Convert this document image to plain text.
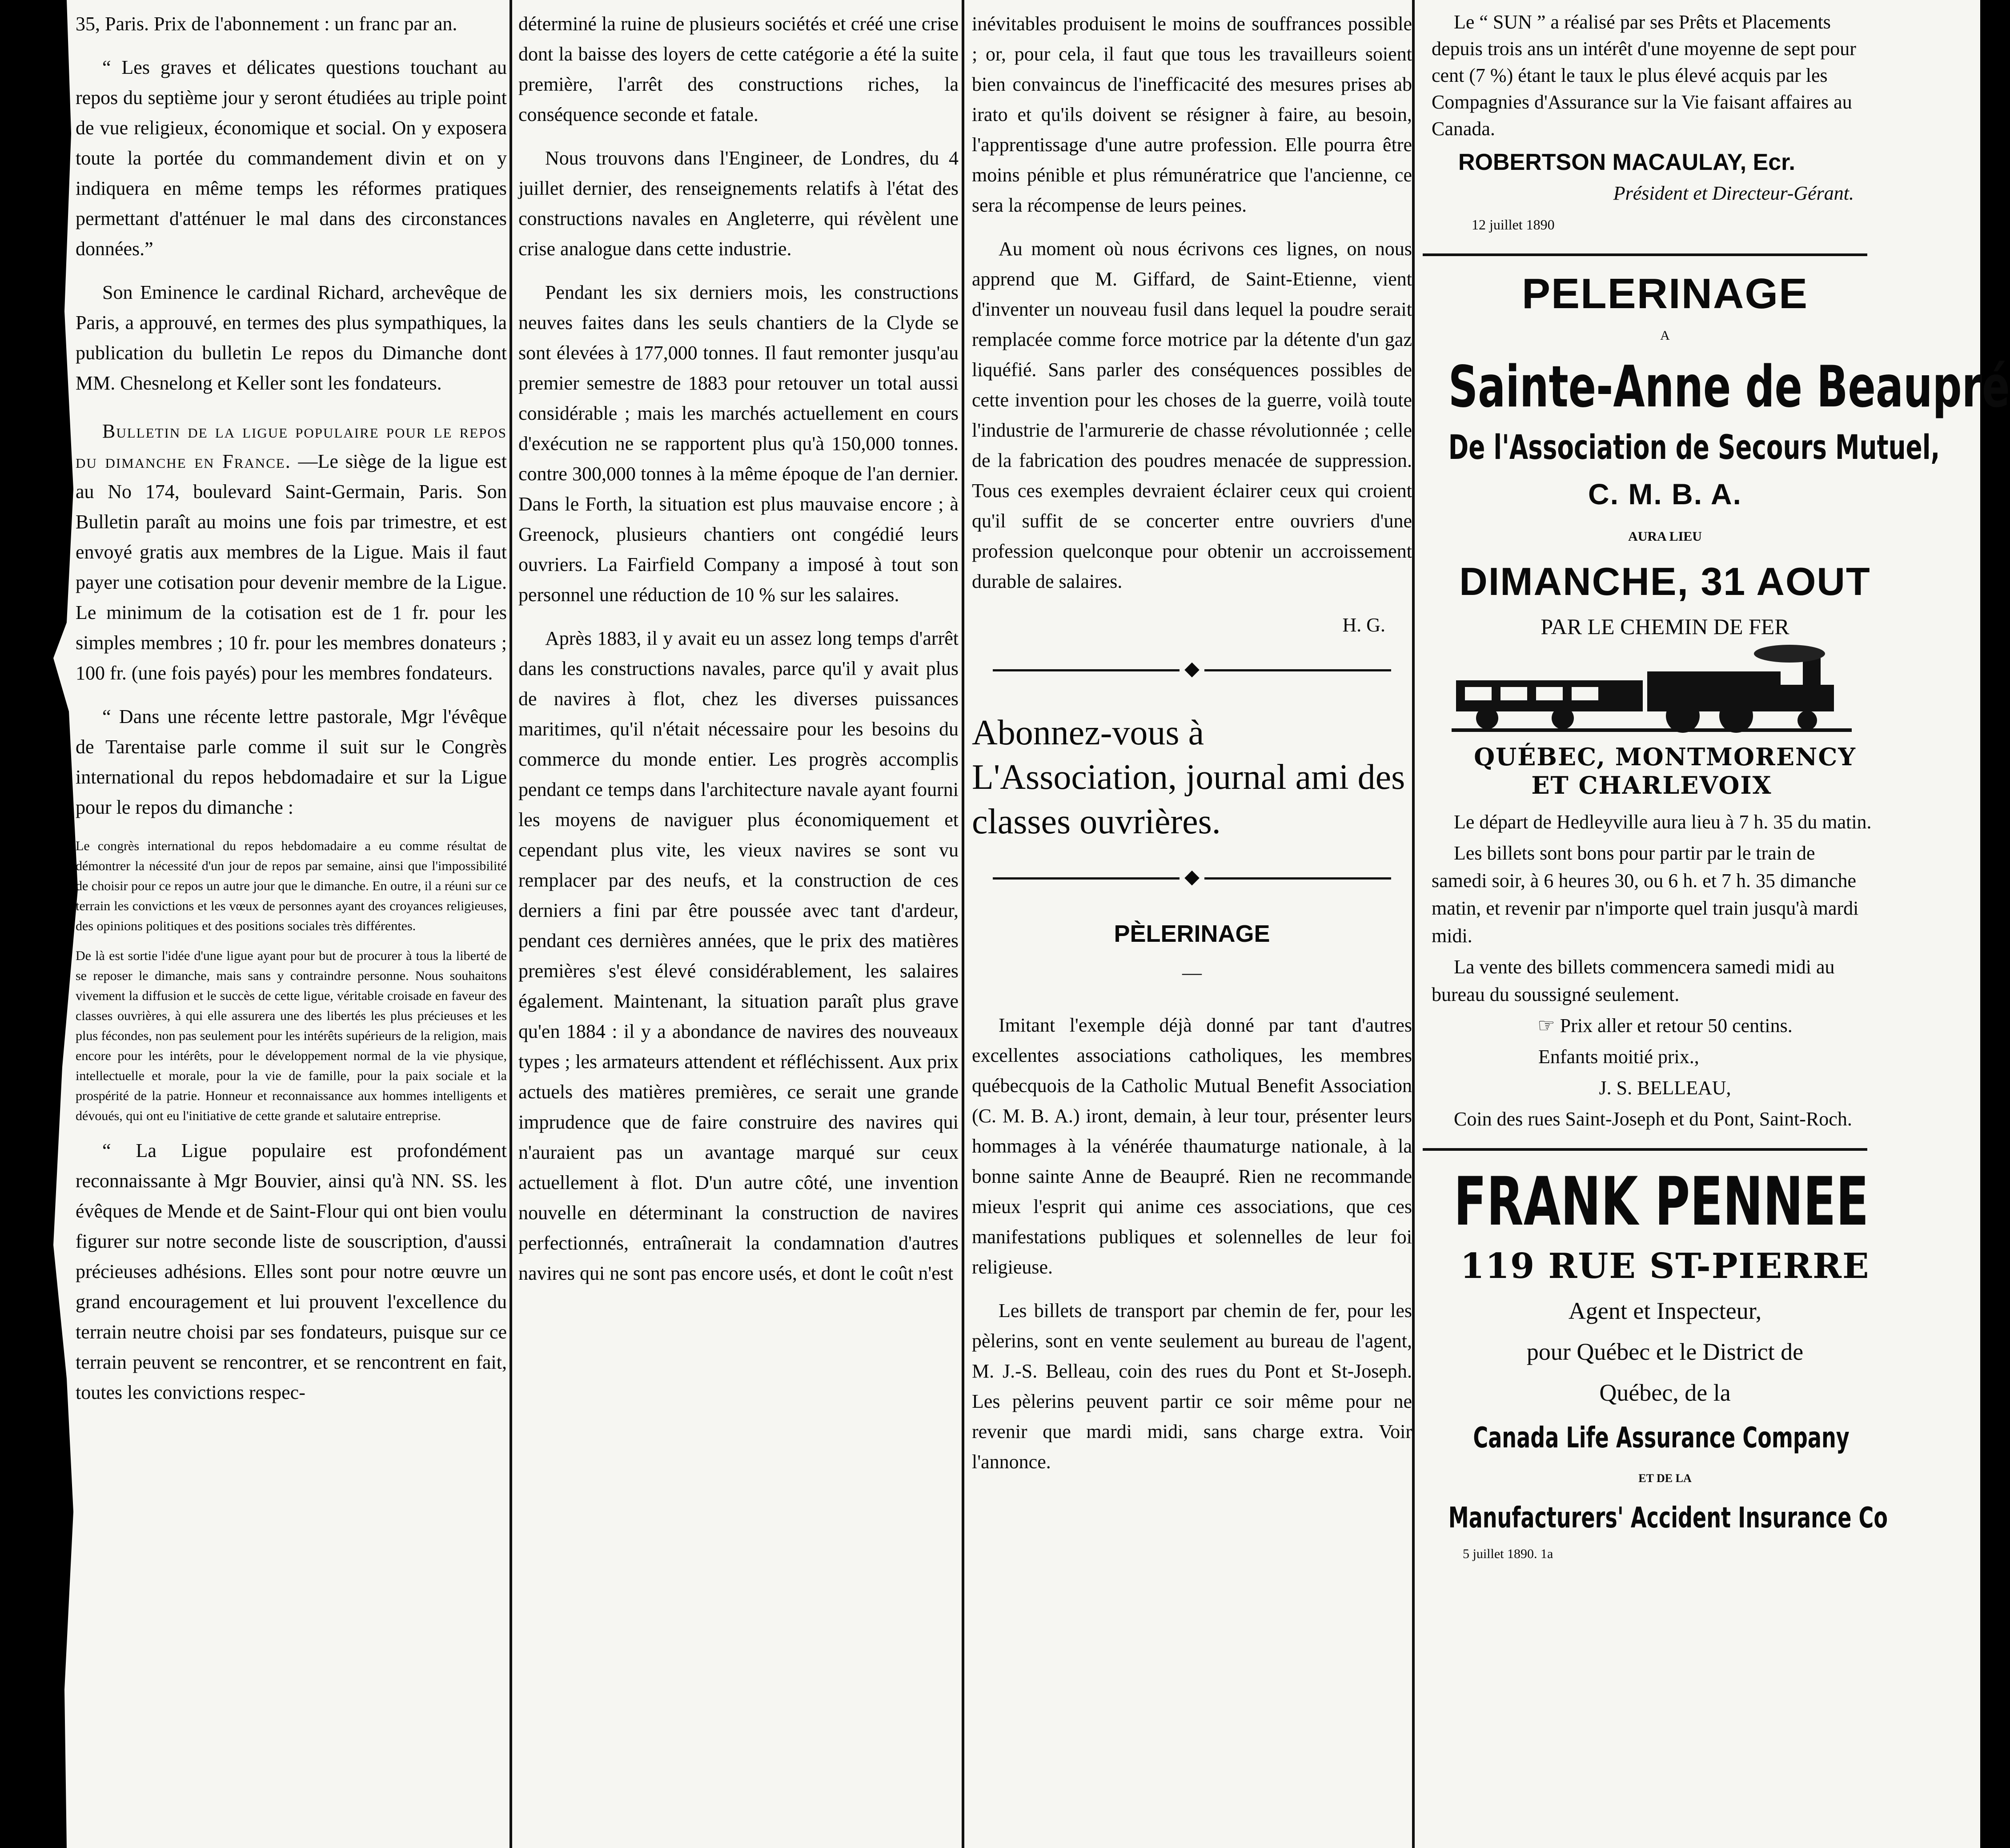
35, Paris. Prix de l'abonnement : un franc par an.

“ Les graves et délicates questions touchant au repos du septième jour y seront étudiées au triple point de vue religieux, économique et social. On y exposera toute la portée du commandement divin et on y indiquera en même temps les réformes pratiques permettant d'atténuer le mal dans des circonstances données.”

Son Eminence le cardinal Richard, archevêque de Paris, a approuvé, en termes des plus sympathiques, la publication du bulletin Le repos du Dimanche dont MM. Chesnelong et Keller sont les fondateurs.

Bulletin de la ligue populaire pour le repos du dimanche en France. —Le siège de la ligue est au No 174, boulevard Saint-Germain, Paris. Son Bulletin paraît au moins une fois par trimestre, et est envoyé gratis aux membres de la Ligue. Mais il faut payer une cotisation pour devenir membre de la Ligue. Le minimum de la cotisation est de 1 fr. pour les simples membres ; 10 fr. pour les membres donateurs ; 100 fr. (une fois payés) pour les membres fondateurs.

“ Dans une récente lettre pastorale, Mgr l'évêque de Tarentaise parle comme il suit sur le Congrès international du repos hebdomadaire et sur la Ligue pour le repos du dimanche :

Le congrès international du repos hebdomadaire a eu comme résultat de démontrer la nécessité d'un jour de repos par semaine, ainsi que l'impossibilité de choisir pour ce repos un autre jour que le dimanche. En outre, il a réuni sur ce terrain les convictions et les vœux de personnes ayant des croyances religieuses, des opinions politiques et des positions sociales très différentes.

De là est sortie l'idée d'une ligue ayant pour but de procurer à tous la liberté de se reposer le dimanche, mais sans y contraindre personne. Nous souhaitons vivement la diffusion et le succès de cette ligue, véritable croisade en faveur des classes ouvrières, à qui elle assurera une des libertés les plus précieuses et les plus fécondes, non pas seulement pour les intérêts supérieurs de la religion, mais encore pour les intérêts, pour le développement normal de la vie physique, intellectuelle et morale, pour la vie de famille, pour la paix sociale et la prospérité de la patrie. Honneur et reconnaissance aux hommes intelligents et dévoués, qui ont eu l'initiative de cette grande et salutaire entreprise.

“ La Ligue populaire est profondément reconnaissante à Mgr Bouvier, ainsi qu'à NN. SS. les évêques de Mende et de Saint-Flour qui ont bien voulu figurer sur notre seconde liste de souscription, d'aussi précieuses adhésions. Elles sont pour notre œuvre un grand encouragement et lui prouvent l'excellence du terrain neutre choisi par ses fondateurs, puisque sur ce terrain peuvent se rencontrer, et se rencontrent en fait, toutes les convictions respec-

déterminé la ruine de plusieurs sociétés et créé une crise dont la baisse des loyers de cette catégorie a été la suite première, l'arrêt des constructions riches, la conséquence seconde et fatale.

Nous trouvons dans l'Engineer, de Londres, du 4 juillet dernier, des renseignements relatifs à l'état des constructions navales en Angleterre, qui révèlent une crise analogue dans cette industrie.

Pendant les six derniers mois, les constructions neuves faites dans les seuls chantiers de la Clyde se sont élevées à 177,000 tonnes. Il faut remonter jusqu'au premier semestre de 1883 pour retouver un total aussi considérable ; mais les marchés actuellement en cours d'exécution ne se rapportent plus qu'à 150,000 tonnes. contre 300,000 tonnes à la même époque de l'an dernier. Dans le Forth, la situation est plus mauvaise encore ; à Greenock, plusieurs chantiers ont congédié leurs ouvriers. La Fairfield Company a imposé à tout son personnel une réduction de 10 % sur les salaires.

Après 1883, il y avait eu un assez long temps d'arrêt dans les constructions navales, parce qu'il y avait plus de navires à flot, chez les diverses puissances maritimes, qu'il n'était nécessaire pour les besoins du commerce du monde entier. Les progrès accomplis pendant ce temps dans l'architecture navale ayant fourni les moyens de naviguer plus économiquement et cependant plus vite, les vieux navires se sont vu remplacer par des neufs, et la construction de ces derniers a fini par être poussée avec tant d'ardeur, pendant ces dernières années, que le prix des matières premières s'est élevé considérablement, les salaires également. Maintenant, la situation paraît plus grave qu'en 1884 : il y a abondance de navires des nouveaux types ; les armateurs attendent et réfléchissent. Aux prix actuels des matières premières, ce serait une grande imprudence que de faire construire des navires qui n'auraient pas un avantage marqué sur ceux actuellement à flot. D'un autre côté, une invention nouvelle en déterminant la construction de navires perfectionnés, entraînerait la condamnation d'autres navires qui ne sont pas encore usés, et dont le coût n'est

inévitables produisent le moins de souffrances possible ; or, pour cela, il faut que tous les travailleurs soient bien convaincus de l'inefficacité des mesures prises ab irato et qu'ils doivent se résigner à faire, au besoin, l'apprentissage d'une autre profession. Elle pourra être moins pénible et plus rémunératrice que l'ancienne, ce sera la récompense de leurs peines.

Au moment où nous écrivons ces lignes, on nous apprend que M. Giffard, de Saint-Etienne, vient d'inventer un nouveau fusil dans lequel la poudre serait remplacée comme force motrice par la détente d'un gaz liquéfié. Sans parler des conséquences possibles de cette invention pour les choses de la guerre, voilà toute l'industrie de l'armurerie de chasse révolutionnée ; celle de la fabrication des poudres menacée de suppression. Tous ces exemples devraient éclairer ceux qui croient qu'il suffit de se concerter entre ouvriers d'une profession quelconque pour obtenir un accroissement durable de salaires.

H. G.

◆
Abonnez-vous à L'Association, journal ami des classes ouvrières.
◆
PÈLERINAGE
—

Imitant l'exemple déjà donné par tant d'autres excellentes associations catholiques, les membres québecquois de la Catholic Mutual Benefit Association (C. M. B. A.) iront, demain, à leur tour, présenter leurs hommages à la vénérée thaumaturge nationale, à la bonne sainte Anne de Beaupré. Rien ne recommande mieux l'esprit qui anime ces associations, que ces manifestations publiques et solennelles de leur foi religieuse.

Les billets de transport par chemin de fer, pour les pèlerins, sont en vente seulement au bureau de l'agent, M. J.-S. Belleau, coin des rues du Pont et St-Joseph. Les pèlerins peuvent partir ce soir même pour ne revenir que mardi midi, sans charge extra. Voir l'annonce.

Le “ SUN ” a réalisé par ses Prêts et Placements depuis trois ans un intérêt d'une moyenne de sept pour cent (7 %) étant le taux le plus élevé acquis par les Compagnies d'Assurance sur la Vie faisant affaires au Canada.

ROBERTSON MACAULAY, Ecr.

Président et Directeur-Gérant.

12 juillet 1890

PELERINAGE

A

Sainte-Anne de Beaupré

De l'Association de Secours Mutuel,

C. M. B. A.

AURA LIEU

DIMANCHE, 31 AOUT

PAR LE CHEMIN DE FER

QUÉBEC, MONTMORENCY ET CHARLEVOIX

Le départ de Hedleyville aura lieu à 7 h. 35 du matin.

Les billets sont bons pour partir par le train de samedi soir, à 6 heures 30, ou 6 h. et 7 h. 35 dimanche matin, et revenir par n'importe quel train jusqu'à mardi midi.

La vente des billets commencera samedi midi au bureau du soussigné seulement.

☞ Prix aller et retour 50 centins.

Enfants moitié prix.,

J. S. BELLEAU,

Coin des rues Saint-Joseph et du Pont, Saint-Roch.

FRANK PENNEE

119 RUE ST-PIERRE

Agent et Inspecteur,

pour Québec et le District de

Québec, de la

Canada Life Assurance Company

ET DE LA

Manufacturers' Accident Insurance Co

5 juillet 1890. 1a
